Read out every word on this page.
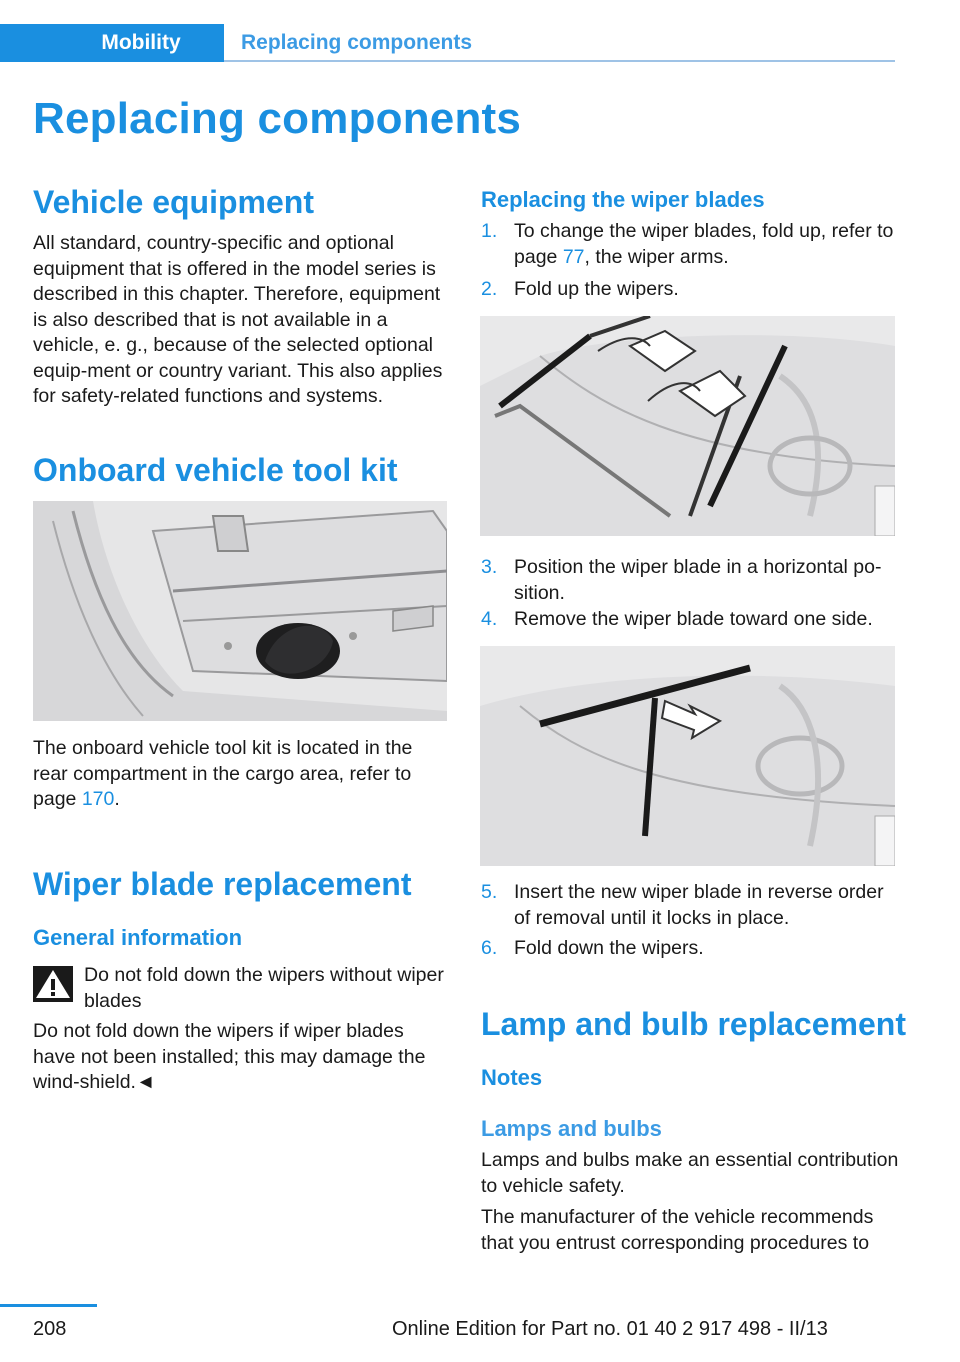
Mobility	Replacing components
Replacing components
Vehicle equipment

All standard, country-specific and optional equipment that is offered in the model series is described in this chapter. Therefore, equipment is also described that is not available in a vehicle, e. g., because of the selected optional equip‐ment or country variant. This also applies for safety-related functions and systems.

Onboard vehicle tool kit

The onboard vehicle tool kit is located in the rear compartment in the cargo area, refer to page 170.

Wiper blade replacement
General information

Do not fold down the wipers without wiper blades

Do not fold down the wipers if wiper blades have not been installed; this may damage the wind‐shield.◄

Replacing the wiper blades
1. To change the wiper blades, fold up, refer to page 77, the wiper arms.
2. Fold up the wipers.
3. Position the wiper blade in a horizontal po‐sition.
4. Remove the wiper blade toward one side.
5. Insert the new wiper blade in reverse order of removal until it locks in place.
6. Fold down the wipers.
Lamp and bulb replacement
Notes
Lamps and bulbs

Lamps and bulbs make an essential contribution to vehicle safety.

The manufacturer of the vehicle recommends that you entrust corresponding procedures to

208	Online Edition for Part no. 01 40 2 917 498 - II/13
